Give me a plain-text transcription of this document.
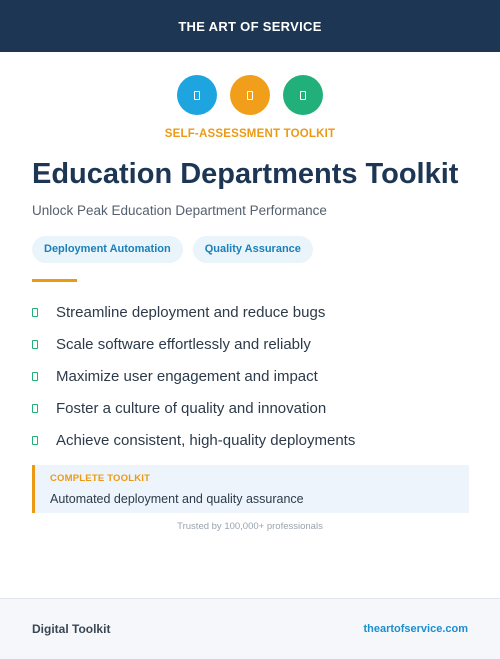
THE ART OF SERVICE
SELF-ASSESSMENT TOOLKIT
Education Departments Toolkit
Unlock Peak Education Department Performance
Deployment Automation	Quality Assurance
Streamline deployment and reduce bugs
Scale software effortlessly and reliably
Maximize user engagement and impact
Foster a culture of quality and innovation
Achieve consistent, high-quality deployments
COMPLETE TOOLKIT
Automated deployment and quality assurance
Trusted by 100,000+ professionals
Digital Toolkit	theartofservice.com
